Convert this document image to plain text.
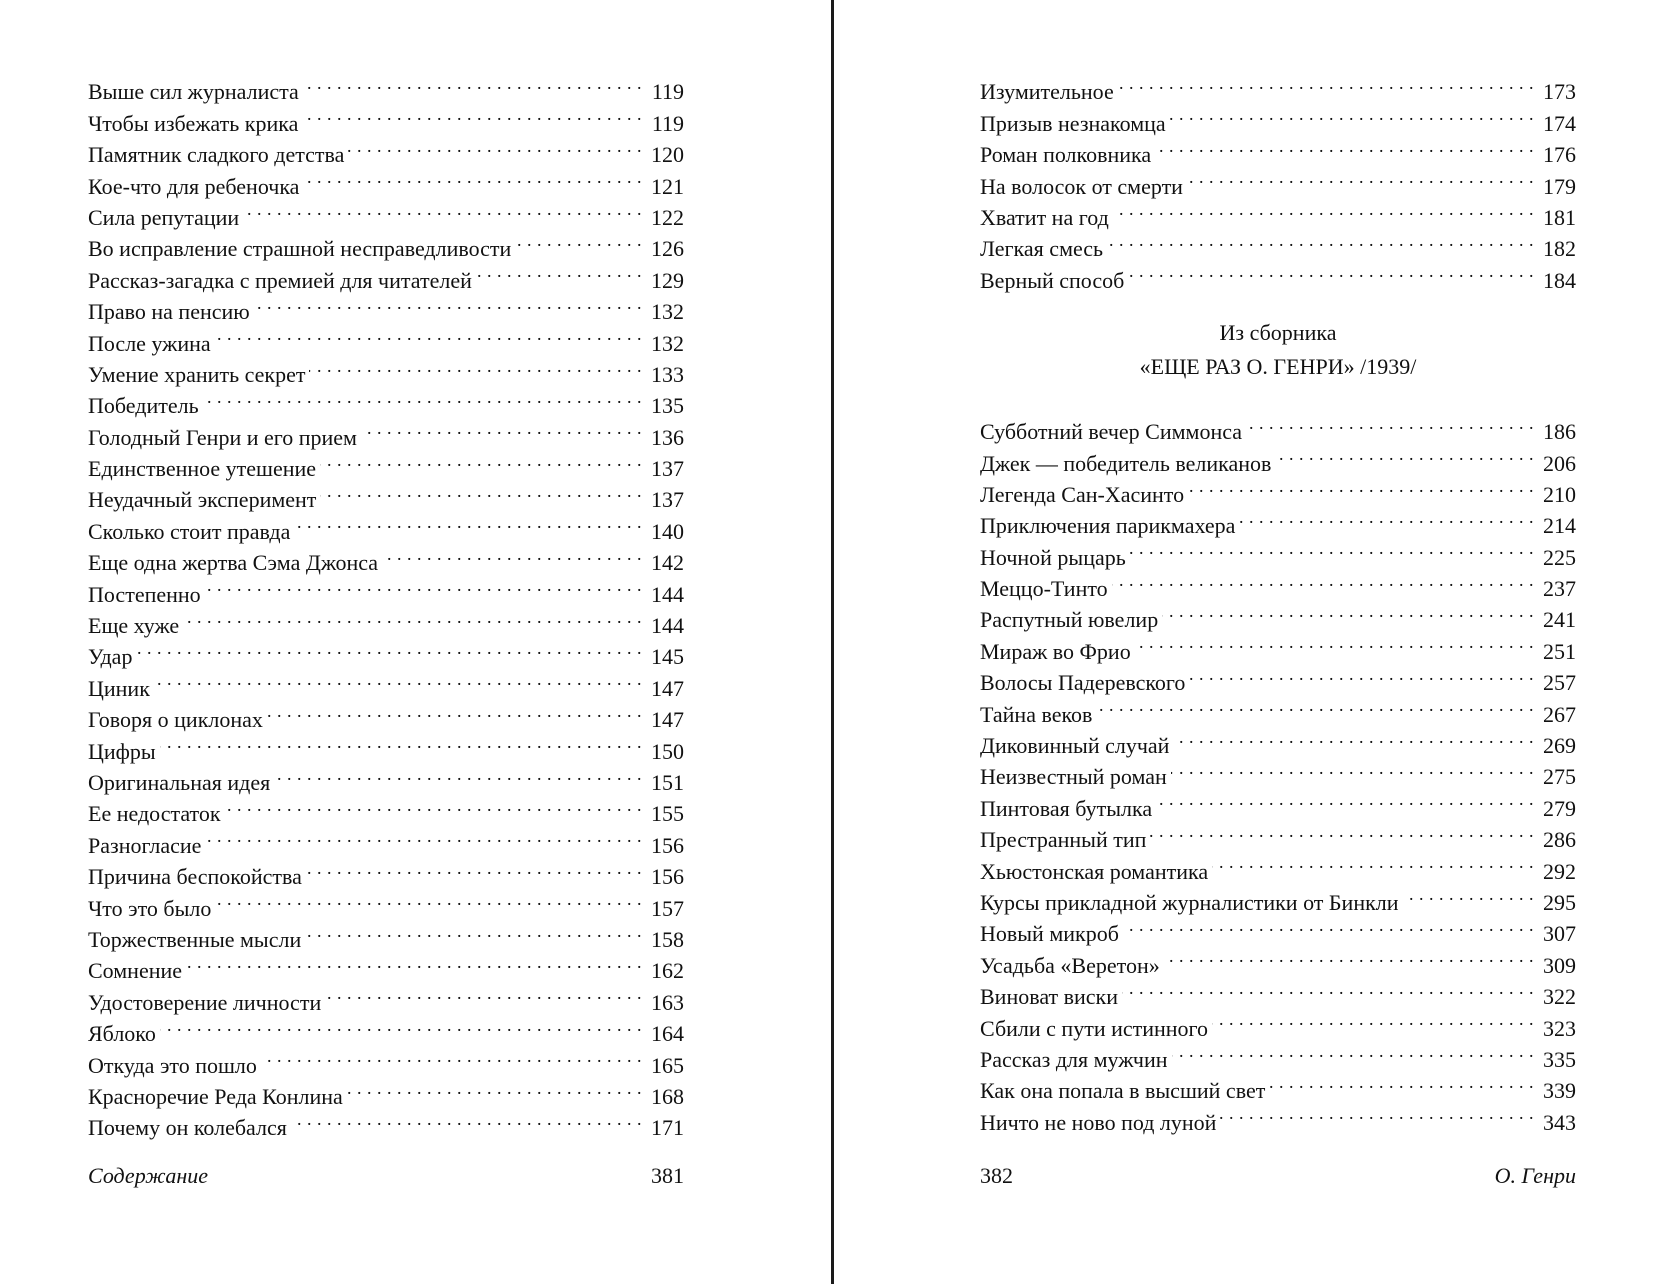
Выше сил журналиста . . .	119
Чтобы избежать крика . . .	119
Памятник сладкого детства . . .	120
Кое-что для ребеночка . . .	121
Сила репутации . . .	122
Во исправление страшной несправедливости . . .	126
Рассказ-загадка с премией для читателей . . .	129
Право на пенсию . . .	132
После ужина . . .	132
Умение хранить секрет . . .	133
Победитель . . .	135
Голодный Генри и его прием . . .	136
Единственное утешение . . .	137
Неудачный эксперимент . . .	137
Сколько стоит правда . . .	140
Еще одна жертва Сэма Джонса . . .	142
Постепенно . . .	144
Еще хуже . . .	144
Удар . . .	145
Циник . . .	147
Говоря о циклонах . . .	147
Цифры . . .	150
Оригинальная идея . . .	151
Ее недостаток . . .	155
Разногласие . . .	156
Причина беспокойства . . .	156
Что это было . . .	157
Торжественные мысли . . .	158
Сомнение . . .	162
Удостоверение личности . . .	163
Яблоко . . .	164
Откуда это пошло . . .	165
Красноречие Реда Конлина . . .	168
Почему он колебался . . .	171
Содержание	381
Изумительное . . .	173
Призыв незнакомца . . .	174
Роман полковника . . .	176
На волосок от смерти . . .	179
Хватит на год . . .	181
Легкая смесь . . .	182
Верный способ . . .	184
Из сборника
«ЕЩЕ РАЗ О. ГЕНРИ» /1939/
Субботний вечер Симмонса . . .	186
Джек — победитель великанов . . .	206
Легенда Сан-Хасинто . . .	210
Приключения парикмахера . . .	214
Ночной рыцарь . . .	225
Меццо-Тинто . . .	237
Распутный ювелир . . .	241
Мираж во Фрио . . .	251
Волосы Падеревского . . .	257
Тайна веков . . .	267
Диковинный случай . . .	269
Неизвестный роман . . .	275
Пинтовая бутылка . . .	279
Престранный тип . . .	286
Хьюстонская романтика . . .	292
Курсы прикладной журналистики от Бинкли . . .	295
Новый микроб . . .	307
Усадьба «Веретон» . . .	309
Виноват виски . . .	322
Сбили с пути истинного . . .	323
Рассказ для мужчин . . .	335
Как она попала в высший свет . . .	339
Ничто не ново под луной . . .	343
382	О. Генри
